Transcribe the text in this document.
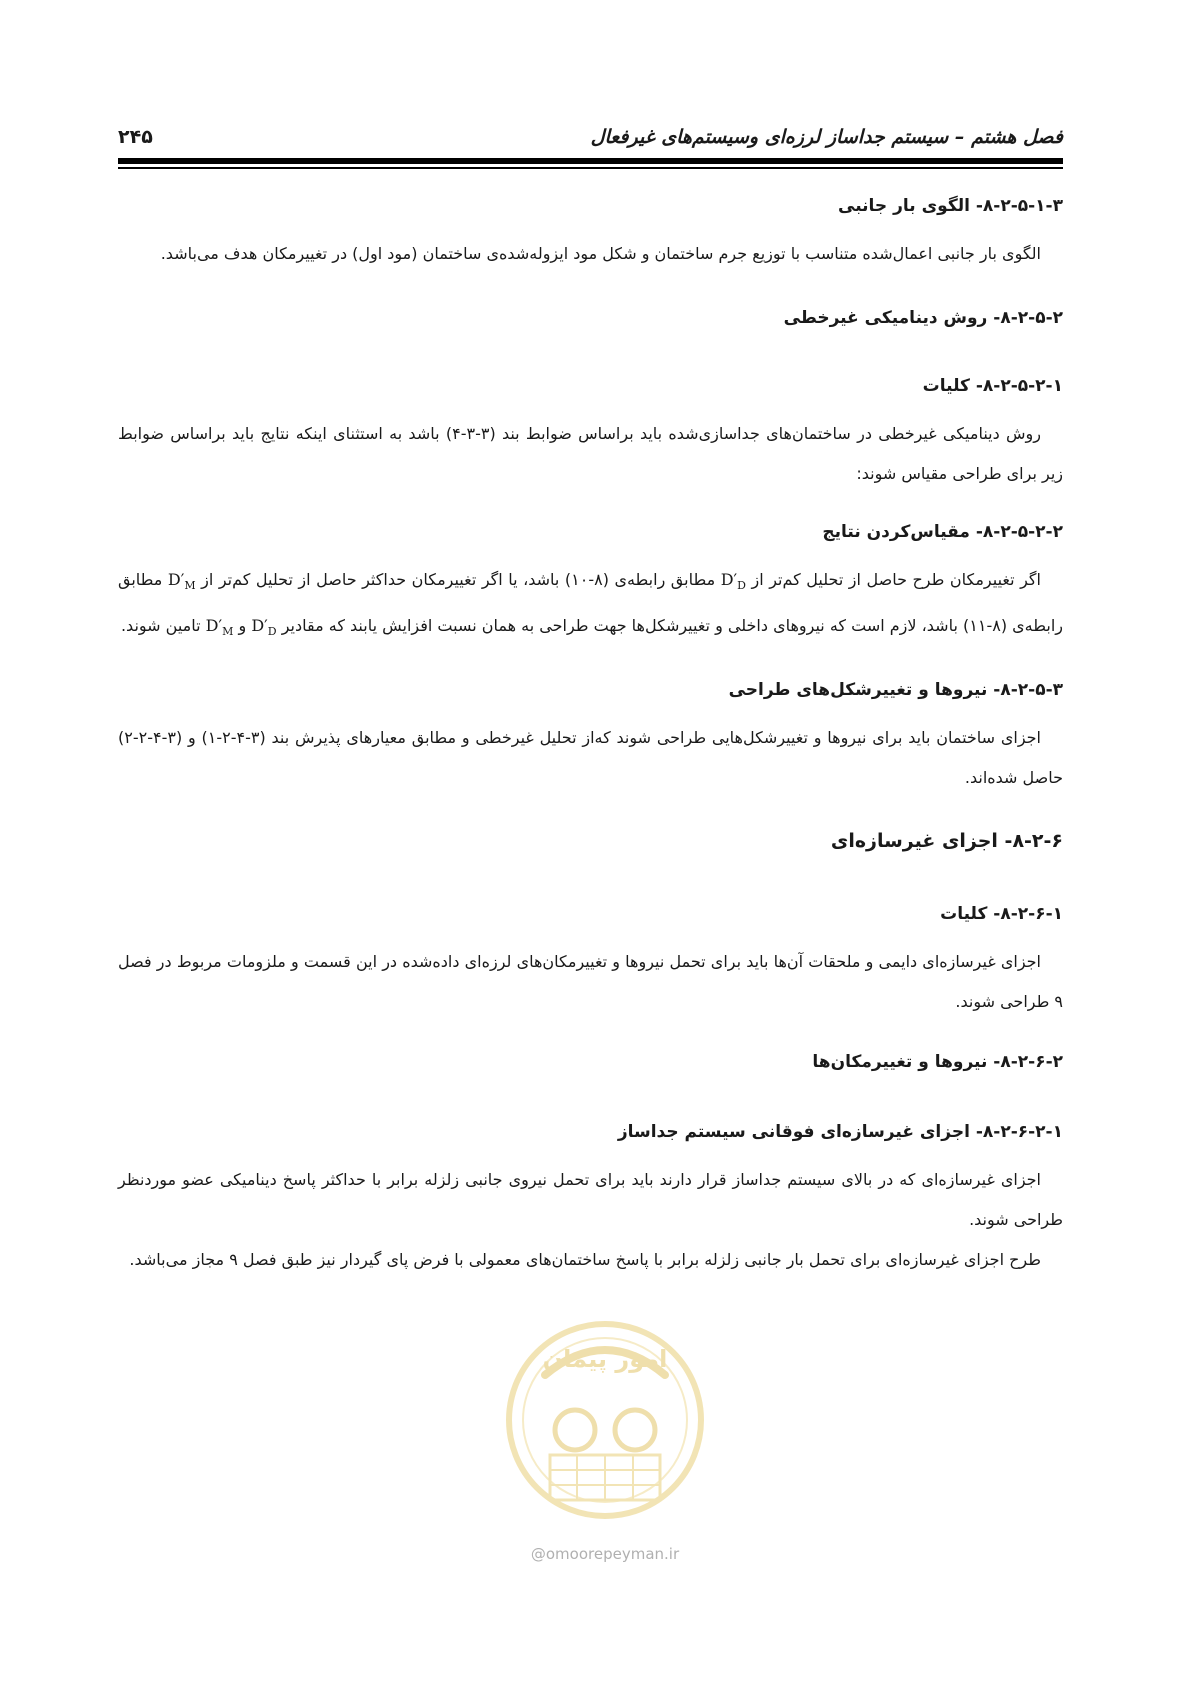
فصل هشتم – سیستم جداساز لرزه‌ای وسیستم‌های غیرفعال
۲۴۵
۸-۲-۵-۱-۳- الگوی بار جانبی

الگوی بار جانبی اعمال‌شده متناسب با توزیع جرم ساختمان و شکل مود ایزوله‌شده‌ی ساختمان (مود اول) در تغییرمکان هدف می‌باشد.

۸-۲-۵-۲- روش دینامیکی غیرخطی
۸-۲-۵-۲-۱- کلیات

روش دینامیکی غیرخطی در ساختمان‌های جداسازی‌شده باید براساس ضوابط بند (۳-۳-۴) باشد به استثنای اینکه نتایج باید براساس ضوابط زیر برای طراحی مقیاس شوند:

۸-۲-۵-۲-۲- مقیاس‌کردن نتایج

اگر تغییرمکان طرح حاصل از تحلیل کم‌تر از $D'_D$ مطابق رابطه‌ی (۸-۱۰) باشد، یا اگر تغییرمکان حداکثر حاصل از تحلیل کم‌تر از $D'_M$ مطابق رابطه‌ی (۸-۱۱) باشد، لازم است که نیروهای داخلی و تغییرشکل‌ها جهت طراحی به همان نسبت افزایش یابند که مقادیر $D'_D$ و $D'_M$ تامین شوند.

۸-۲-۵-۳- نیروها و تغییرشکل‌های طراحی

اجزای ساختمان باید برای نیروها و تغییرشکل‌هایی طراحی شوند که‌از تحلیل غیرخطی و مطابق معیارهای پذیرش بند (۳-۴-۲-۱) و (۳-۴-۲-۲) حاصل شده‌اند.

۸-۲-۶- اجزای غیرسازه‌ای
۸-۲-۶-۱- کلیات

اجزای غیرسازه‌ای دایمی و ملحقات آن‌ها باید برای تحمل نیروها و تغییرمکان‌های لرزه‌ای داده‌شده در این قسمت و ملزومات مربوط در فصل ۹ طراحی شوند.

۸-۲-۶-۲- نیروها و تغییرمکان‌ها
۸-۲-۶-۲-۱- اجزای غیرسازه‌ای فوقانی سیستم جداساز

اجزای غیرسازه‌ای که در بالای سیستم جداساز قرار دارند باید برای تحمل نیروی جانبی زلزله برابر با حداکثر پاسخ دینامیکی عضو مورد‌نظر طراحی شوند.

طرح اجزای غیرسازه‌ای برای تحمل بار جانبی زلزله برابر با پاسخ ساختمان‌های معمولی با فرض پای گیردار نیز طبق فصل ۹ مجاز می‌باشد.

امور پیمان
@omoorepeyman.ir
